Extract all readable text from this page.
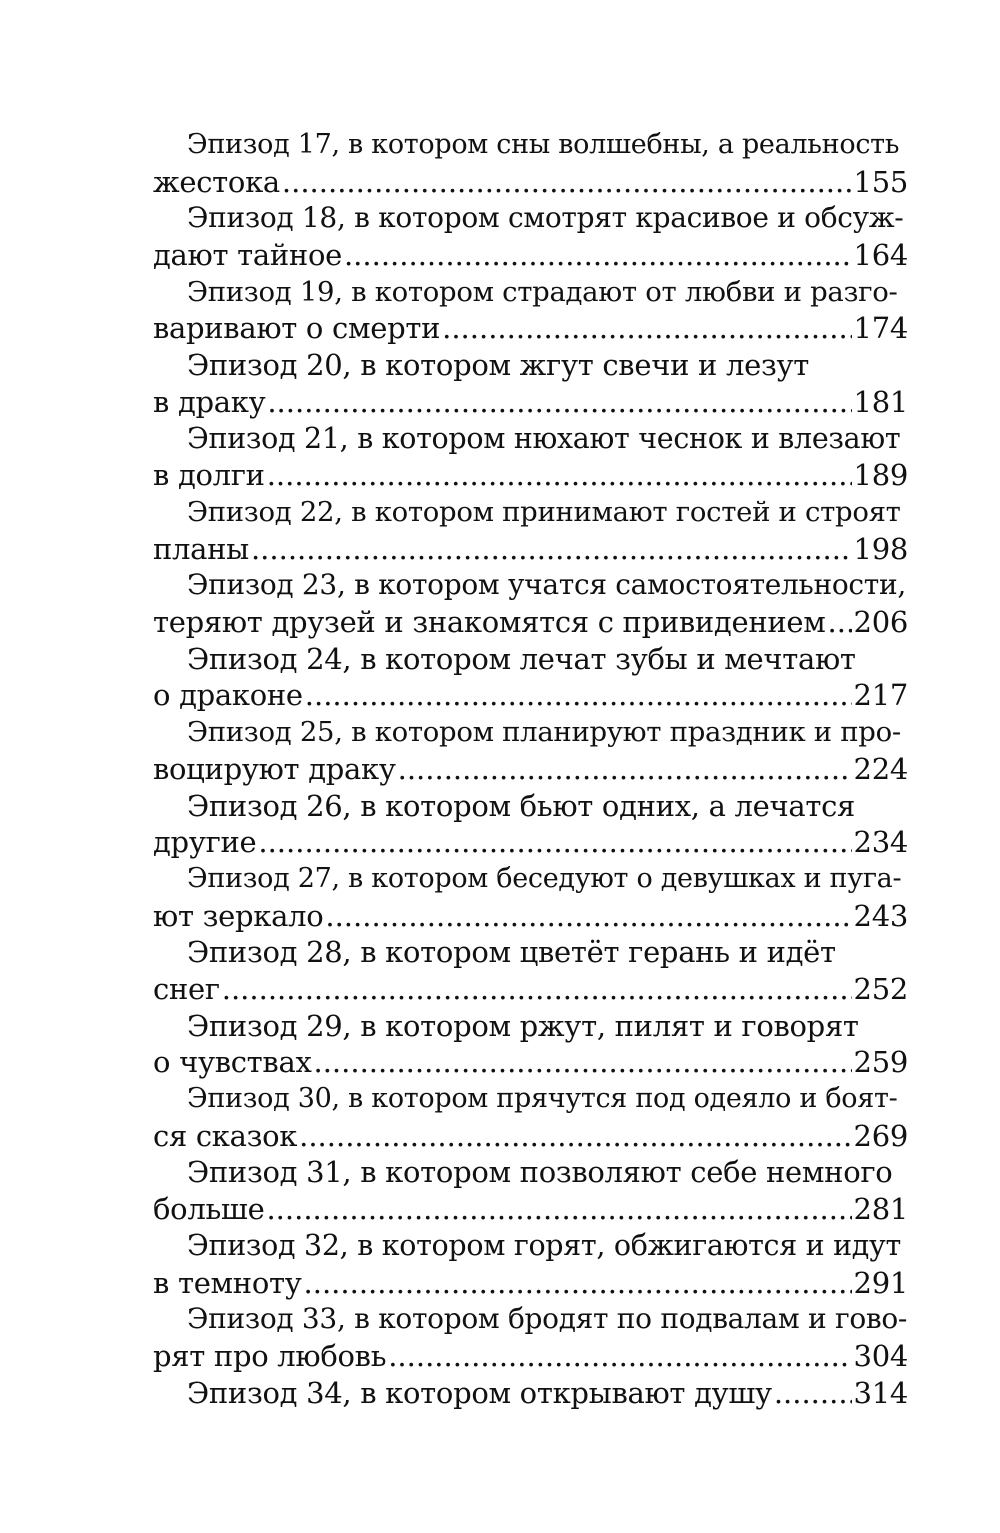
Эпизод 17, в котором сны волшебны, а реальность
жестока .....	155
Эпизод 18, в котором смотрят красивое и обсуж-
дают тайное .....	164
Эпизод 19, в котором страдают от любви и разго-
варивают о смерти .....	174
Эпизод 20, в котором жгут свечи и лезут
в драку .....	181
Эпизод 21, в котором нюхают чеснок и влезают
в долги .....	189
Эпизод 22, в котором принимают гостей и строят
планы .....	198
Эпизод 23, в котором учатся самостоятельности,
теряют друзей и знакомятся с привидением ..... 206
Эпизод 24, в котором лечат зубы и мечтают
о драконе .....	217
Эпизод 25, в котором планируют праздник и про-
воцируют драку .....	224
Эпизод 26, в котором бьют одних, а лечатся
другие .....	234
Эпизод 27, в котором беседуют о девушках и пуга-
ют зеркало .....	243
Эпизод 28, в котором цветёт герань и идёт
снег .....	252
Эпизод 29, в котором ржут, пилят и говорят
о чувствах .....	259
Эпизод 30, в котором прячутся под одеяло и боят-
ся сказок .....	269
Эпизод 31, в котором позволяют себе немного
больше .....	281
Эпизод 32, в котором горят, обжигаются и идут
в темноту .....	291
Эпизод 33, в котором бродят по подвалам и гово-
рят про любовь .....	304
Эпизод 34, в котором открывают душу .....	314
